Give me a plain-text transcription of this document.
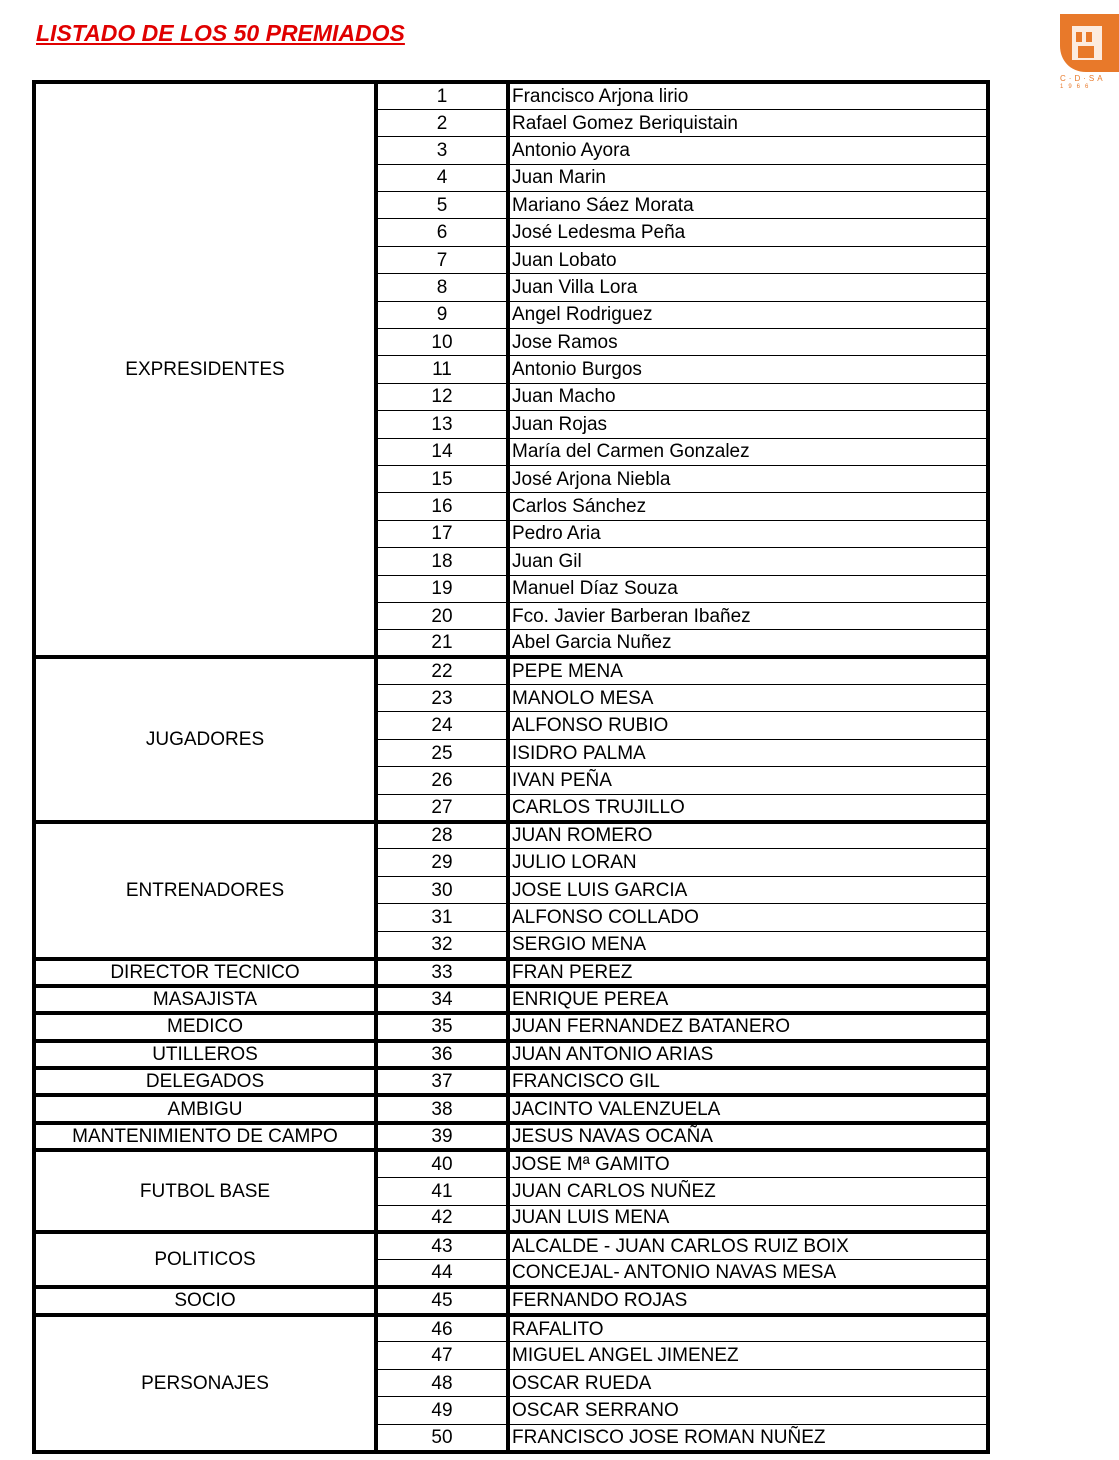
LISTADO DE LOS 50 PREMIADOS
C·D·SA
1966
EXPRESIDENTES	1	Francisco Arjona lirio
	2	Rafael Gomez Beriquistain
	3	Antonio Ayora
	4	Juan Marin
	5	Mariano Sáez Morata
	6	José Ledesma Peña
	7	Juan Lobato
	8	Juan Villa Lora
	9	Angel Rodriguez
	10	Jose Ramos
	11	Antonio Burgos
	12	Juan Macho
	13	Juan Rojas
	14	María del Carmen Gonzalez
	15	José Arjona Niebla
	16	Carlos Sánchez
	17	Pedro Aria
	18	Juan Gil
	19	Manuel Díaz Souza
	20	Fco. Javier Barberan Ibañez
	21	Abel Garcia Nuñez
JUGADORES	22	PEPE MENA
	23	MANOLO MESA
	24	ALFONSO RUBIO
	25	ISIDRO PALMA
	26	IVAN PEÑA
	27	CARLOS TRUJILLO
ENTRENADORES	28	JUAN ROMERO
	29	JULIO LORAN
	30	JOSE LUIS GARCIA
	31	ALFONSO COLLADO
	32	SERGIO MENA
DIRECTOR TECNICO	33	FRAN PEREZ
MASAJISTA	34	ENRIQUE PEREA
MEDICO	35	JUAN FERNANDEZ BATANERO
UTILLEROS	36	JUAN ANTONIO ARIAS
DELEGADOS	37	FRANCISCO GIL
AMBIGU	38	JACINTO VALENZUELA
MANTENIMIENTO DE CAMPO	39	JESUS NAVAS OCAÑA
FUTBOL BASE	40	JOSE Mª GAMITO
	41	JUAN CARLOS NUÑEZ
	42	JUAN LUIS MENA
POLITICOS	43	ALCALDE - JUAN CARLOS RUIZ BOIX
	44	CONCEJAL- ANTONIO NAVAS MESA
SOCIO	45	FERNANDO ROJAS
PERSONAJES	46	RAFALITO
	47	MIGUEL ANGEL JIMENEZ
	48	OSCAR RUEDA
	49	OSCAR SERRANO
	50	FRANCISCO JOSE ROMAN NUÑEZ
